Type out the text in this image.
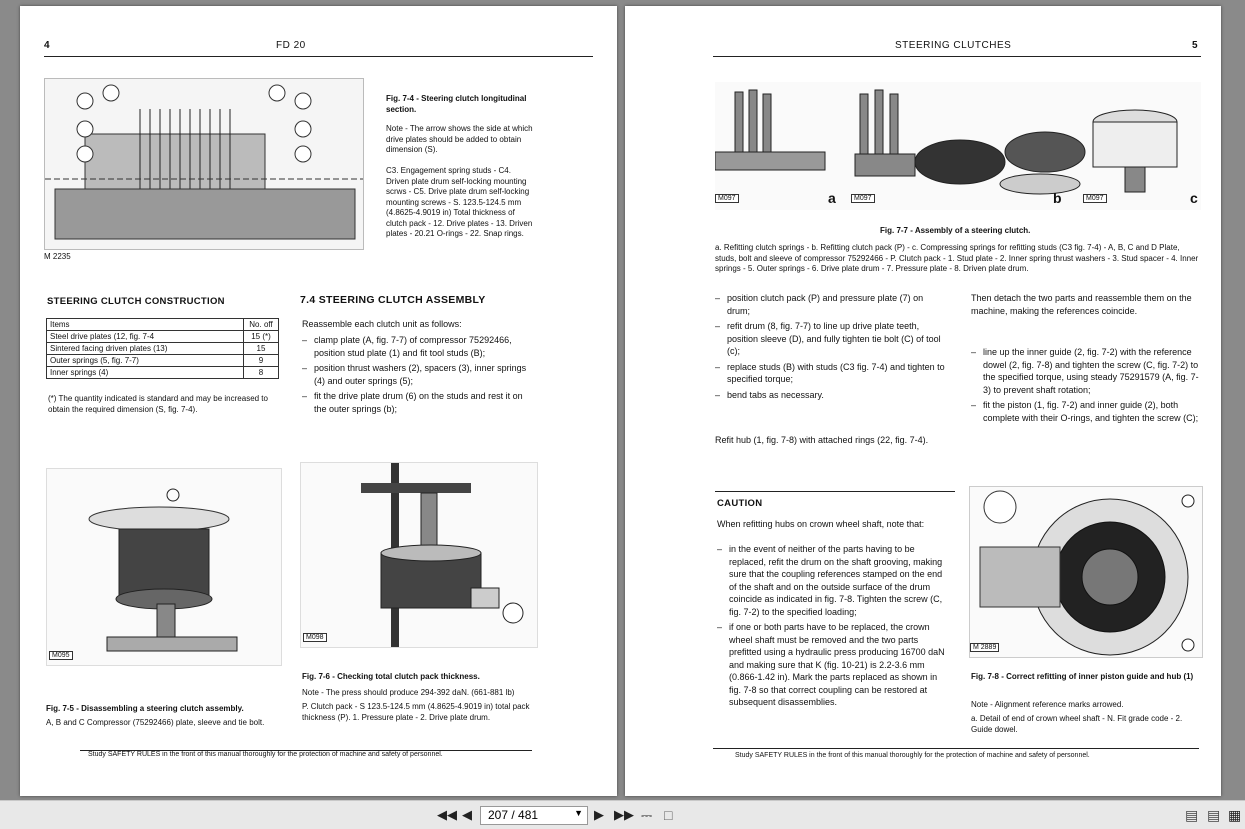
4	FD 20
M 2235
Fig. 7-4 - Steering clutch longitudinal section.
Note - The arrow shows the side at which drive plates should be added to obtain dimension (S).
C3. Engagement spring studs - C4. Driven plate drum self-locking mounting scrws - C5. Drive plate drum self-locking mounting screws - S. 123.5-124.5 mm (4.8625-4.9019 in) Total thickness of clutch pack - 12. Drive plates - 13. Driven plates - 20.21 O-rings - 22. Snap rings.
STEERING CLUTCH CONSTRUCTION
Items	No. off
Steel drive plates (12, fig. 7-4	15 (*)
Sintered facing driven plates (13)	15
Outer springs (5, fig. 7-7)	9
Inner springs (4)	8
(*) The quantity indicated is standard and may be increased to obtain the required dimension (S, fig. 7-4).
7.4 STEERING CLUTCH ASSEMBLY
Reassemble each clutch unit as follows:
– clamp plate (A, fig. 7-7) of compressor 75292466, position stud plate (1) and fit tool studs (B);
– position thrust washers (2), spacers (3), inner springs (4) and outer springs (5);
– fit the drive plate drum (6) on the studs and rest it on the outer springs (b);
M095
Fig. 7-5 - Disassembling a steering clutch assembly.
A, B and C Compressor (75292466) plate, sleeve and tie bolt.
M098
Fig. 7-6 - Checking total clutch pack thickness.
Note - The press should produce 294-392 daN. (661-881 lb)
P. Clutch pack - S 123.5-124.5 mm (4.8625-4.9019 in) total pack thickness (P). 1. Pressure plate - 2. Drive plate drum.
Study SAFETY RULES in the front of this manual thoroughly for the protection of machine and safety of personnel.
STEERING CLUTCHES	5
M097	a	M097	b	M097	c
Fig. 7-7 - Assembly of a steering clutch.
a. Refitting clutch springs - b. Refitting clutch pack (P) - c. Compressing springs for refitting studs (C3 fig. 7-4) - A, B, C and D Plate, studs, bolt and sleeve of compressor 75292466 - P. Clutch pack - 1. Stud plate - 2. Inner spring thrust washers - 3. Stud spacer - 4. Inner springs - 5. Outer springs - 6. Drive plate drum - 7. Pressure plate - 8. Driven plate drum.
– position clutch pack (P) and pressure plate (7) on drum;
– refit drum (8, fig. 7-7) to line up drive plate teeth, position sleeve (D), and fully tighten tie bolt (C) of tool (c);
– replace studs (B) with studs (C3 fig. 7-4) and tighten to specified torque;
– bend tabs as necessary.
Refit hub (1, fig. 7-8) with attached rings (22, fig. 7-4).
Then detach the two parts and reassemble them on the machine, making the references coincide.
– line up the inner guide (2, fig. 7-2) with the reference dowel (2, fig. 7-8) and tighten the screw (C, fig. 7-2) to the specified torque, using steady 75291579 (A, fig. 7-3) to prevent shaft rotation;
– fit the piston (1, fig. 7-2) and inner guide (2), both complete with their O-rings, and tighten the screw (C);
CAUTION
When refitting hubs on crown wheel shaft, note that:
– in the event of neither of the parts having to be replaced, refit the drum on the shaft grooving, making sure that the coupling references stamped on the end of the shaft and on the outside surface of the drum coincide as indicated in fig. 7-8. Tighten the screw (C, fig. 7-2) to the specified loading;
– if one or both parts have to be replaced, the crown wheel shaft must be removed and the two parts prefitted using a hydraulic press producing 16700 daN and making sure that K (fig. 10-21) is 2.2-3.6 mm (0.866-1.42 in). Mark the parts replaced as shown in fig. 7-8 so that correct coupling can be restored at subsequent disassemblies.
M 2889
Fig. 7-8 - Correct refitting of inner piston guide and hub (1)
Note - Alignment reference marks arrowed.
a. Detail of end of crown wheel shaft - N. Fit grade code - 2. Guide dowel.
Study SAFETY RULES in the front of this manual thoroughly for the protection of machine and safety of personnel.
◀◀ ◀ 207 / 481	▼ ▶ ▶▶ ⎓ □	▤ ▤ ▦
